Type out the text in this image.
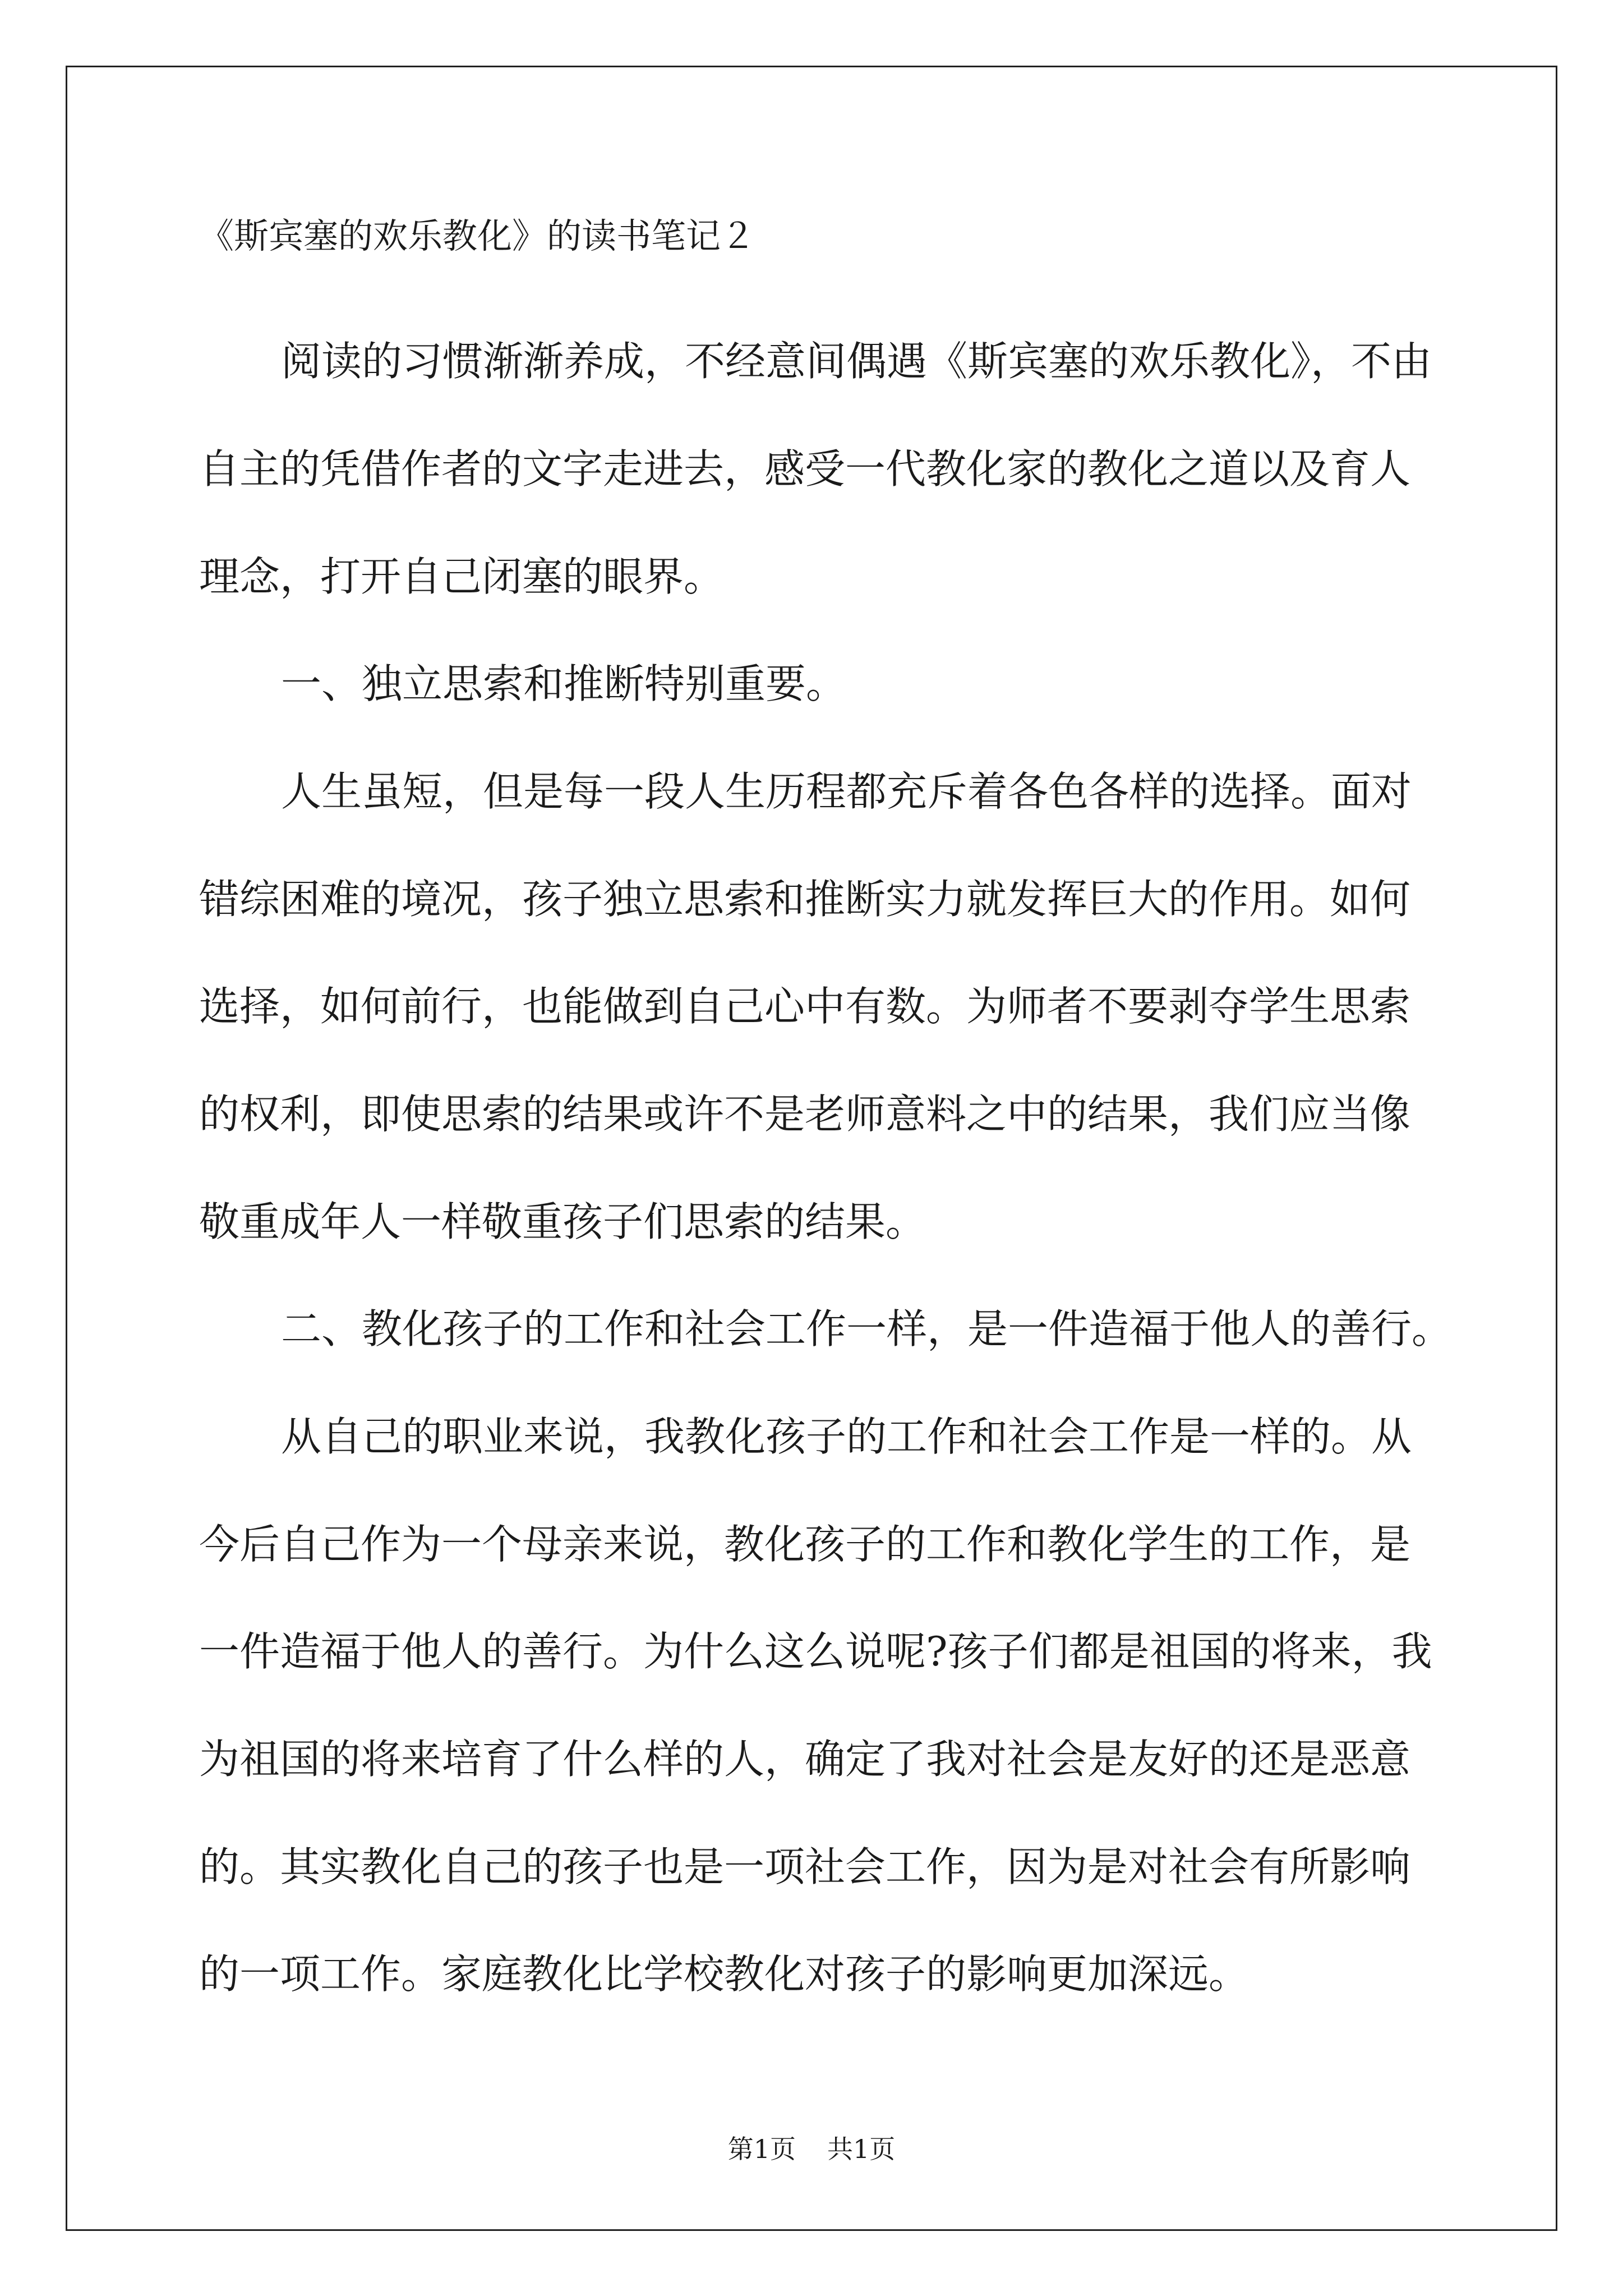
《斯宾塞的欢乐教化》的读书笔记２

阅读的习惯渐渐养成，不经意间偶遇《斯宾塞的欢乐教化》，不由

自主的凭借作者的文字走进去，感受一代教化家的教化之道以及育人

理念，打开自己闭塞的眼界。

一、独立思索和推断特别重要。

人生虽短，但是每一段人生历程都充斥着各色各样的选择。面对

错综困难的境况，孩子独立思索和推断实力就发挥巨大的作用。如何

选择，如何前行，也能做到自己心中有数。为师者不要剥夺学生思索

的权利，即使思索的结果或许不是老师意料之中的结果，我们应当像

敬重成年人一样敬重孩子们思索的结果。

二、教化孩子的工作和社会工作一样，是一件造福于他人的善行。

从自己的职业来说，我教化孩子的工作和社会工作是一样的。从

今后自己作为一个母亲来说，教化孩子的工作和教化学生的工作，是

一件造福于他人的善行。为什么这么说呢?孩子们都是祖国的将来，我

为祖国的将来培育了什么样的人，确定了我对社会是友好的还是恶意

的。其实教化自己的孩子也是一项社会工作，因为是对社会有所影响

的一项工作。家庭教化比学校教化对孩子的影响更加深远。

第1页 共1页
